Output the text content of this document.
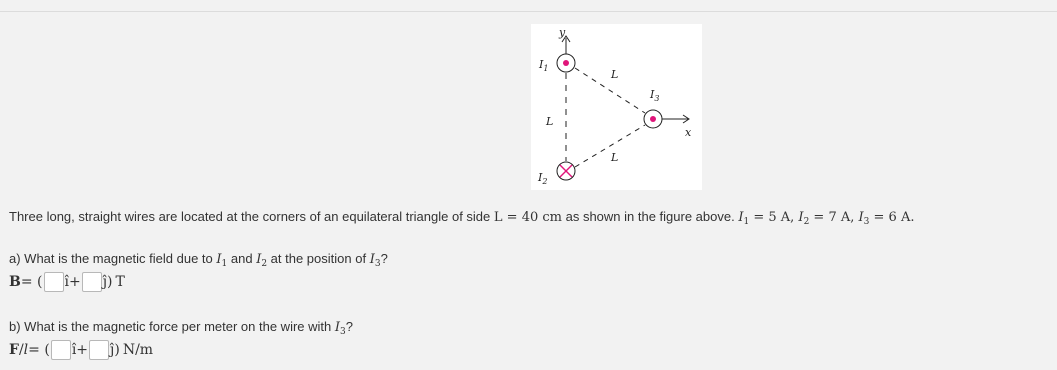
y
x
$I_1$
$I_2$
$I_3$
L
L
L
Three long, straight wires are located at the corners of an equilateral triangle of side L = 40 cm as shown in the figure above. $I_1 = 5$ A, $I_2 = 7$ A, $I_3 = 6$ A.
a) What is the magnetic field due to $I_1$ and $I_2$ at the position of $I_3$?
B = ( î+ ĵ) T
b) What is the magnetic force per meter on the wire with $I_3$?
F / l = ( î+ ĵ) N/m
